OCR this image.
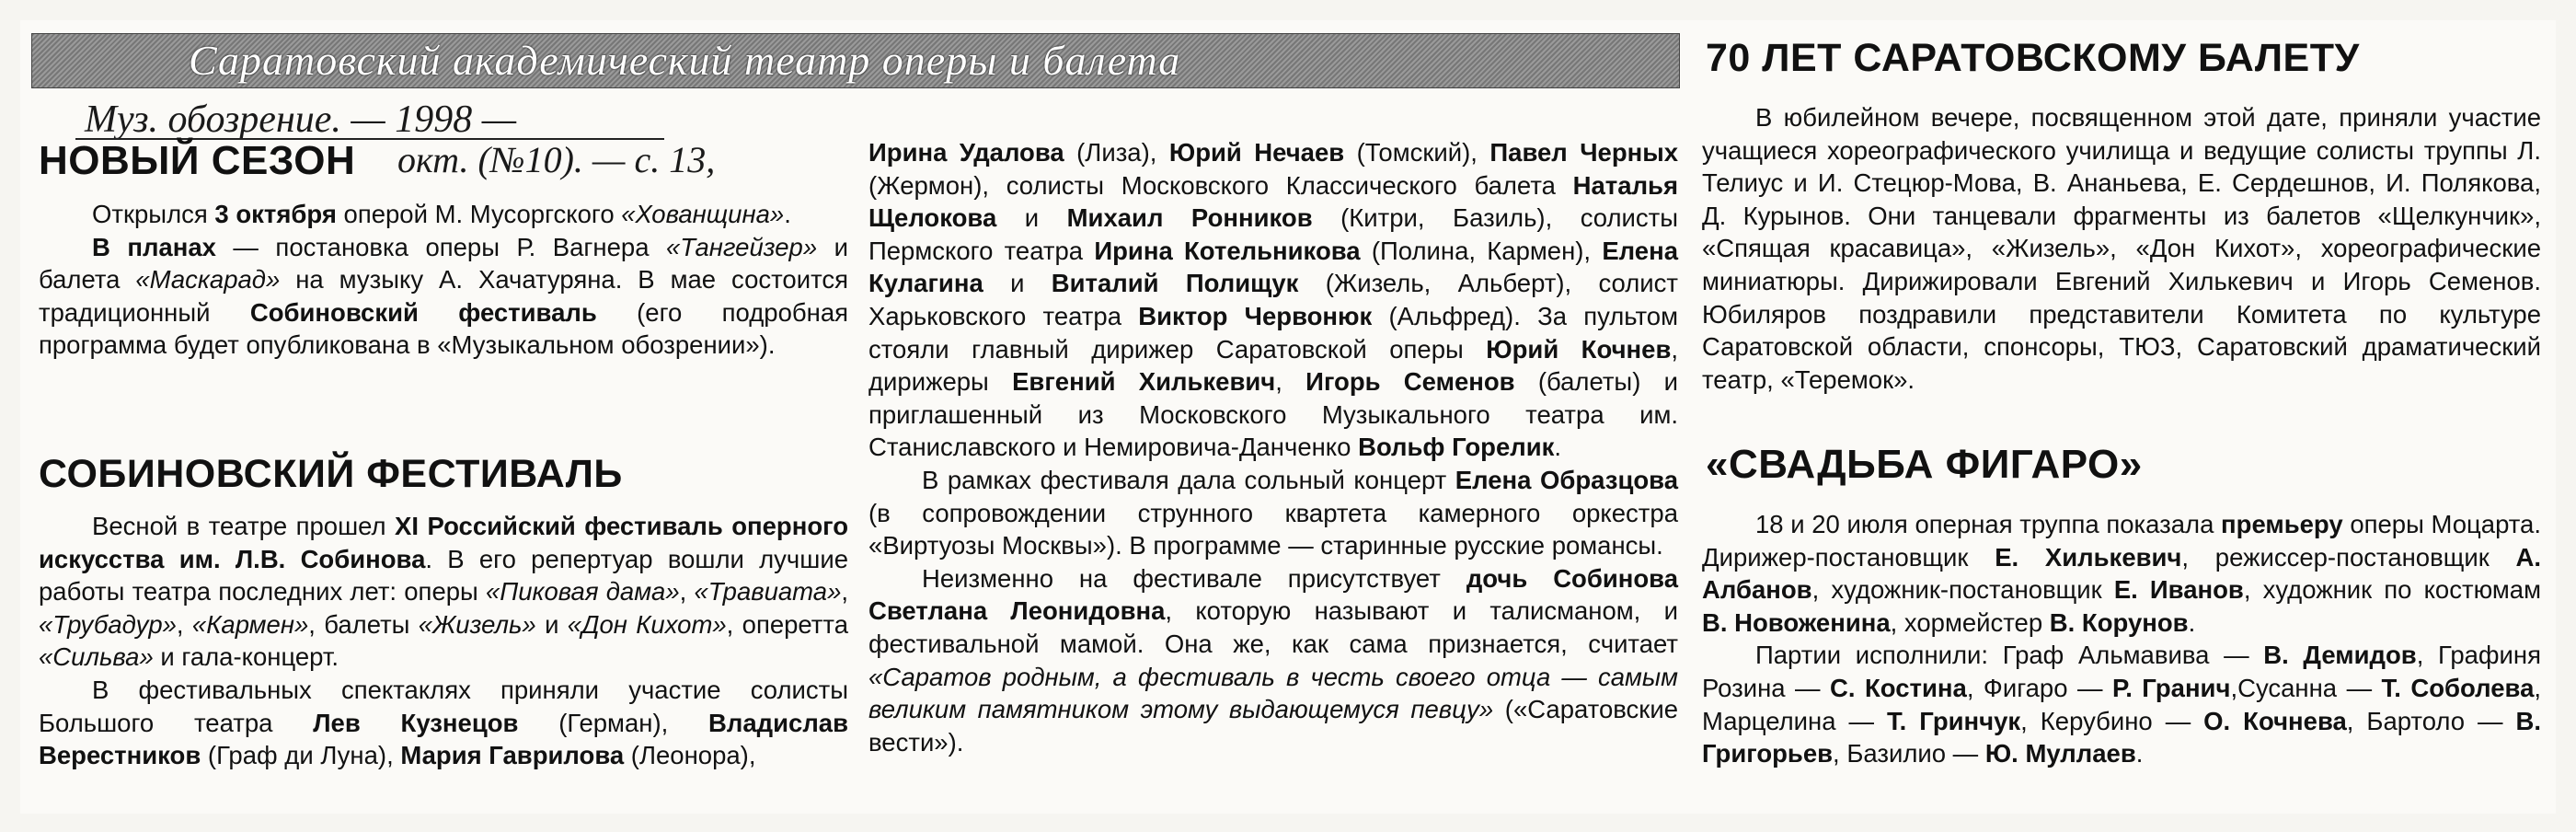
Саратовский академический театр оперы и балета
Муз. обозрение. — 1998 —
окт. (№10). — с. 13,
НОВЫЙ СЕЗОН

Открылся 3 октября оперой М. Мусоргского «Хованщина».

В планах — постановка оперы Р. Вагнера «Тангейзер» и балета «Маскарад» на музыку А. Хачатуряна. В мае состоится традиционный Собиновский фестиваль (его подробная программа будет опубликована в «Музыкальном обозрении»).

СОБИНОВСКИЙ ФЕСТИВАЛЬ

Весной в театре прошел XI Российский фестиваль оперного искусства им. Л.В. Собинова. В его репертуар вошли лучшие работы театра последних лет: оперы «Пиковая дама», «Травиата», «Трубадур», «Кармен», балеты «Жизель» и «Дон Кихот», оперетта «Сильва» и гала-концерт.

В фестивальных спектаклях приняли участие солисты Большого театра Лев Кузнецов (Герман), Владислав Верестников (Граф ди Луна), Мария Гаврилова (Леонора),

Ирина Удалова (Лиза), Юрий Нечаев (Томский), Павел Черных (Жермон), солисты Московского Классического балета Наталья Щелокова и Михаил Ронников (Китри, Базиль), солисты Пермского театра Ирина Котельникова (Полина, Кармен), Елена Кулагина и Виталий Полищук (Жизель, Альберт), солист Харьковского театра Виктор Червонюк (Альфред). За пультом стояли главный дирижер Саратовской оперы Юрий Кочнев, дирижеры Евгений Хилькевич, Игорь Семенов (балеты) и приглашенный из Московского Музыкального театра им. Станиславского и Немировича-Данченко Вольф Горелик.

В рамках фестиваля дала сольный концерт Елена Образцова (в сопровождении струнного квартета камерного оркестра «Виртуозы Москвы»). В программе — старинные русские романсы.

Неизменно на фестивале присутствует дочь Собинова Светлана Леонидовна, которую называют и талисманом, и фестивальной мамой. Она же, как сама признается, считает «Саратов родным, а фестиваль в честь своего отца — самым великим памятником этому выдающемуся певцу» («Саратовские вести»).

70 ЛЕТ САРАТОВСКОМУ БАЛЕТУ

В юбилейном вечере, посвященном этой дате, приняли участие учащиеся хореографического училища и ведущие солисты труппы Л. Телиус и И. Стецюр-Мова, В. Ананьева, Е. Сердешнов, И. Полякова, Д. Курынов. Они танцевали фрагменты из балетов «Щелкунчик», «Спящая красавица», «Жизель», «Дон Кихот», хореографические миниатюры. Дирижировали Евгений Хилькевич и Игорь Семенов. Юбиляров поздравили представители Комитета по культуре Саратовской области, спонсоры, ТЮЗ, Саратовский драматический театр, «Теремок».

«СВАДЬБА ФИГАРО»

18 и 20 июля оперная труппа показала премьеру оперы Моцарта. Дирижер-постановщик Е. Хилькевич, режиссер-постановщик А. Албанов, художник-постановщик Е. Иванов, художник по костюмам В. Новоженина, хормейстер В. Корунов.

Партии исполнили: Граф Альмавива — В. Демидов, Графиня Розина — С. Костина, Фигаро — Р. Гранич,Сусанна — Т. Соболева, Марцелина — Т. Гринчук, Керубино — О. Кочнева, Бартоло — В. Григорьев, Базилио — Ю. Муллаев.
